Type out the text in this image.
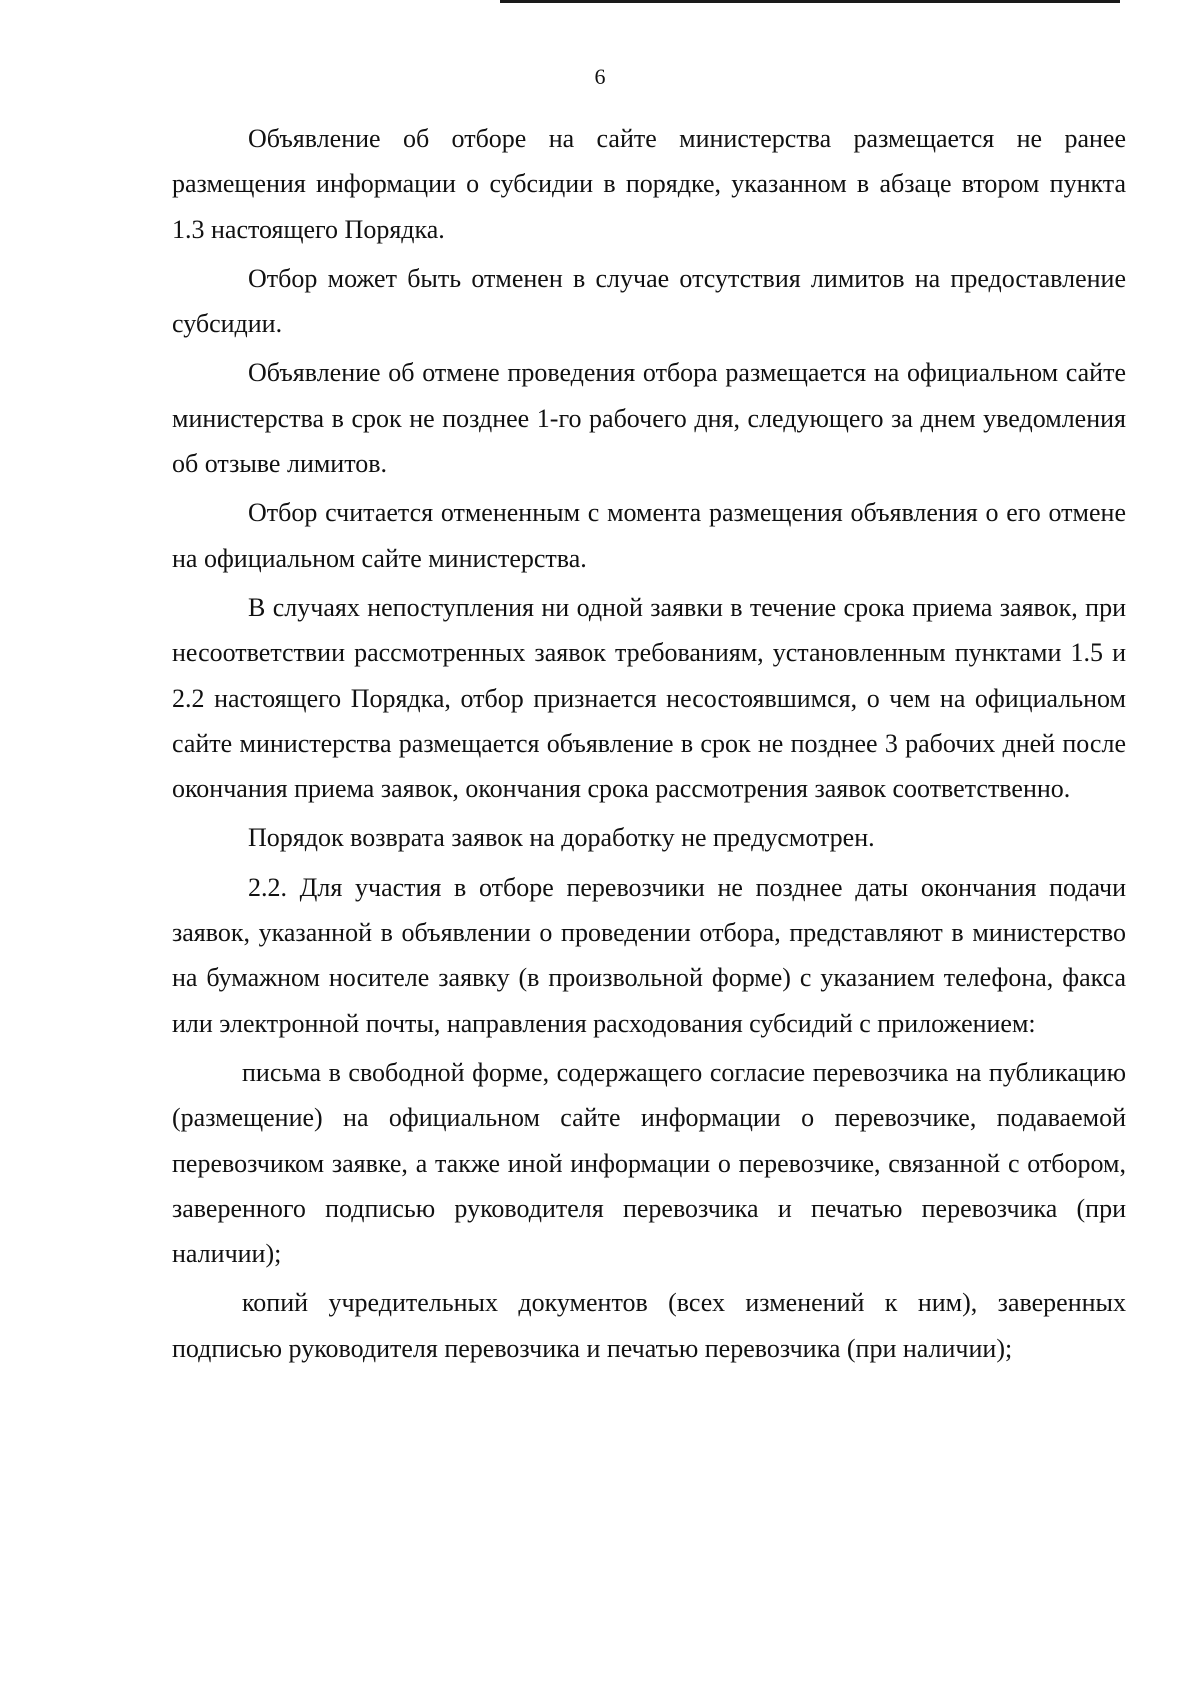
6

Объявление об отборе на сайте министерства размещается не ранее размещения информации о субсидии в порядке, указанном в абзаце втором пункта 1.3 настоящего Порядка.

Отбор может быть отменен в случае отсутствия лимитов на предоставление субсидии.

Объявление об отмене проведения отбора размещается на официальном сайте министерства в срок не позднее 1-го рабочего дня, следующего за днем уведомления об отзыве лимитов.

Отбор считается отмененным с момента размещения объявления о его отмене на официальном сайте министерства.

В случаях непоступления ни одной заявки в течение срока приема заявок, при несоответствии рассмотренных заявок требованиям, установленным пунктами 1.5 и 2.2 настоящего Порядка, отбор признается несостоявшимся, о чем на официальном сайте министерства размещается объявление в срок не позднее 3 рабочих дней после окончания приема заявок, окончания срока рассмотрения заявок соответственно.

Порядок возврата заявок на доработку не предусмотрен.

2.2. Для участия в отборе перевозчики не позднее даты окончания подачи заявок, указанной в объявлении о проведении отбора, представляют в министерство на бумажном носителе заявку (в произвольной форме) с указанием телефона, факса или электронной почты, направления расходования субсидий с приложением:

письма в свободной форме, содержащего согласие перевозчика на публикацию (размещение) на официальном сайте информации о перевозчике, подаваемой перевозчиком заявке, а также иной информации о перевозчике, связанной с отбором, заверенного подписью руководителя перевозчика и печатью перевозчика (при наличии);

копий учредительных документов (всех изменений к ним), заверенных подписью руководителя перевозчика и печатью перевозчика (при наличии);
